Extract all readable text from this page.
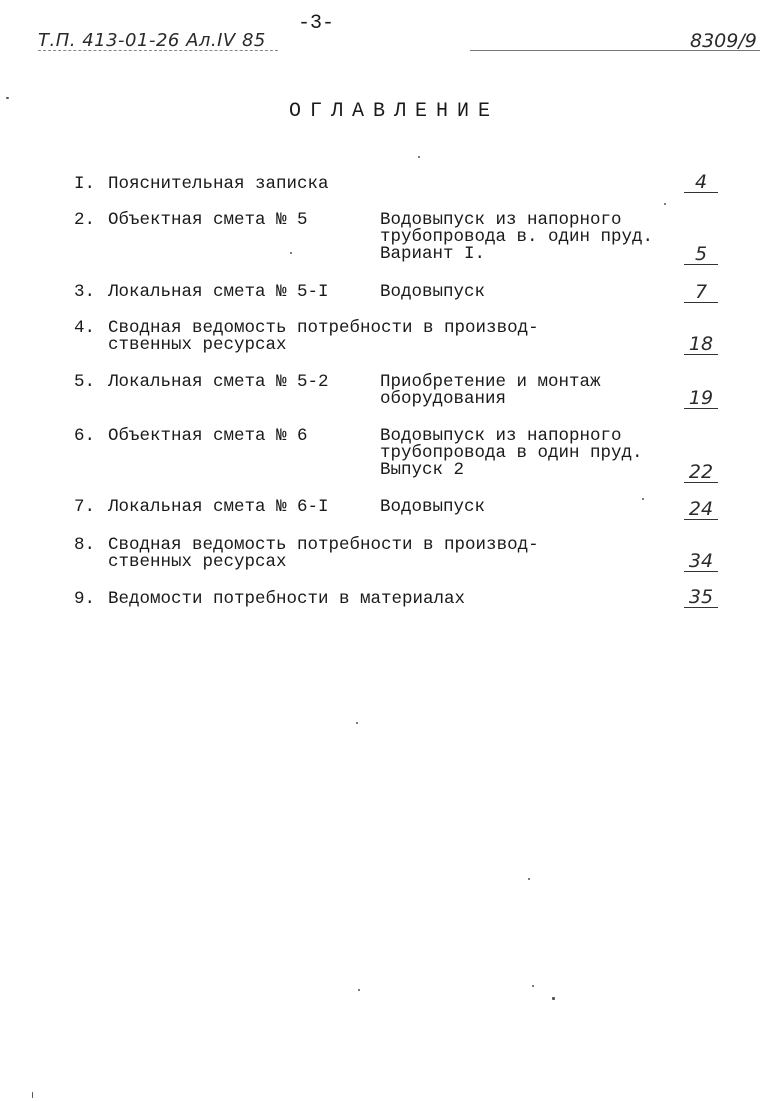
Т.П. 413-01-26 Ал.IV 85
-3-
8309/9
ОГЛАВЛЕНИЕ
I. Пояснительная записка	4
2. Объектная смета № 5	Водовыпуск из напорного
трубопровода в. один пруд.
Вариант I.	5
3. Локальная смета № 5-I	Водовыпуск	7
4. Сводная ведомость потребности в производ-
ственных ресурсах	18
5. Локальная смета № 5-2	Приобретение и монтаж
оборудования	19
6. Объектная смета № 6	Водовыпуск из напорного
трубопровода в один пруд.
Выпуск 2	22
7. Локальная смета № 6-I	Водовыпуск	24
8. Сводная ведомость потребности в производ-
ственных ресурсах	34
9. Ведомости потребности в материалах	35
